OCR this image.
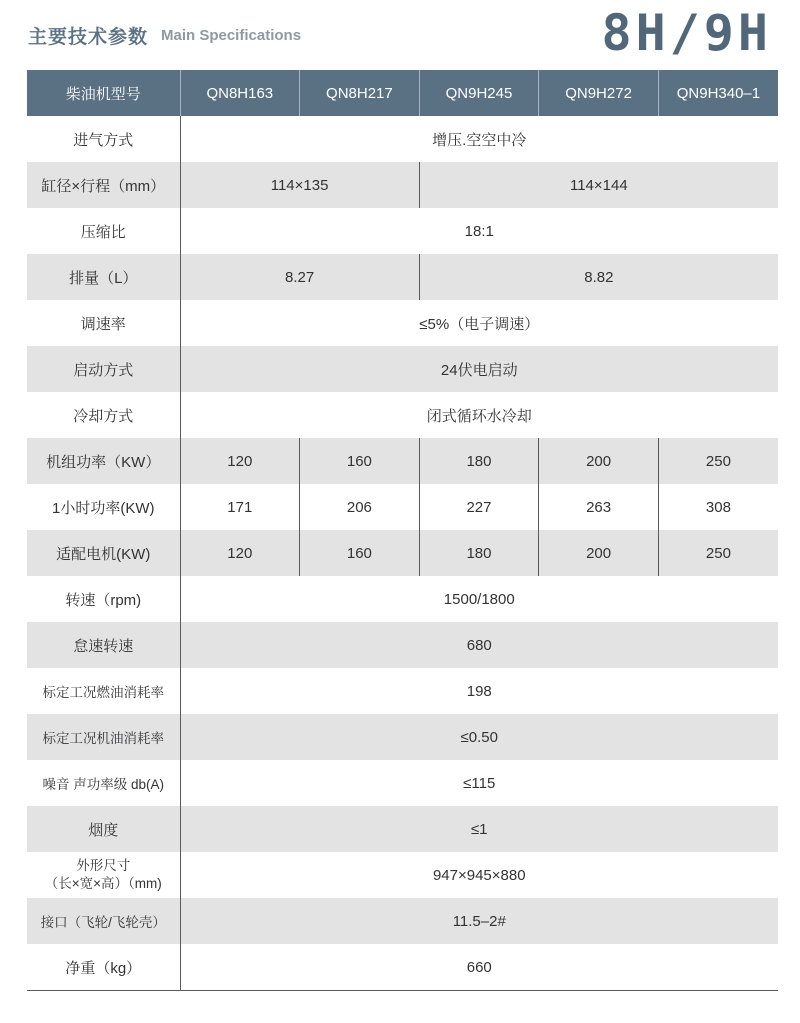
主要技术参数 Main Specifications	8H/9H
柴油机型号	QN8H163	QN8H217	QN9H245	QN9H272	QN9H340–1
进气方式	增压.空空中冷				
缸径×行程（mm）	114×135		114×144		
压缩比	18:1				
排量（L）	8.27		8.82		
调速率	≤5%（电子调速）				
启动方式	24伏电启动				
冷却方式	闭式循环水冷却				
机组功率（KW）	120	160	180	200	250
1小时功率(KW)	171	206	227	263	308
适配电机(KW)	120	160	180	200	250
转速（rpm)	1500/1800				
怠速转速	680				
标定工况燃油消耗率	198				
标定工况机油消耗率	≤0.50				
噪音 声功率级 db(A)	≤115				
烟度	≤1				
外形尺寸
（长×宽×高）（mm)	947×945×880				
接口（飞轮/飞轮壳）	11.5–2#				
净重（kg）	660				
